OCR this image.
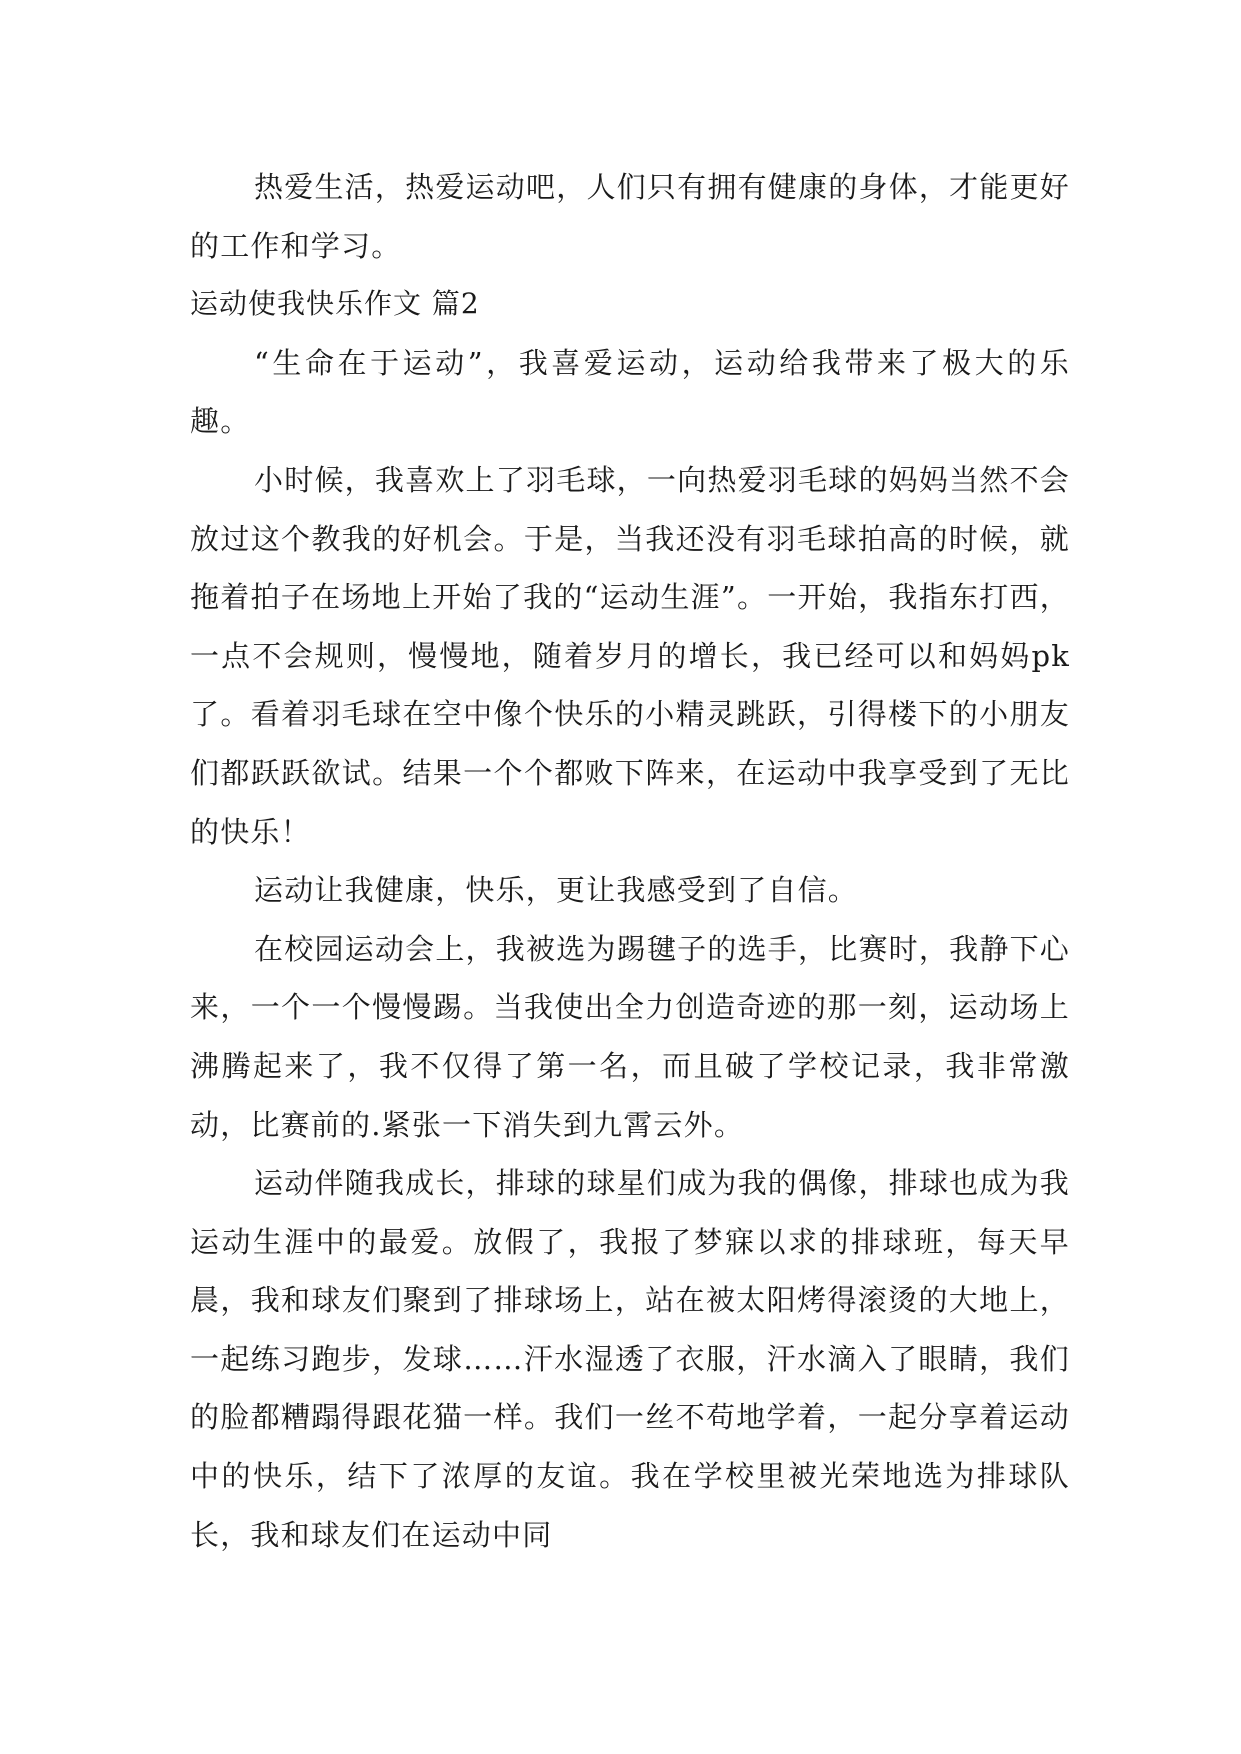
热爱生活，热爱运动吧，人们只有拥有健康的身体，才能更好的工作和学习。

运动使我快乐作文 篇2

“生命在于运动”，我喜爱运动，运动给我带来了极大的乐趣。

小时候，我喜欢上了羽毛球，一向热爱羽毛球的妈妈当然不会放过这个教我的好机会。于是，当我还没有羽毛球拍高的时候，就拖着拍子在场地上开始了我的“运动生涯”。一开始，我指东打西，一点不会规则，慢慢地，随着岁月的增长，我已经可以和妈妈pk了。看着羽毛球在空中像个快乐的小精灵跳跃，引得楼下的小朋友们都跃跃欲试。结果一个个都败下阵来，在运动中我享受到了无比的快乐！

运动让我健康，快乐，更让我感受到了自信。

在校园运动会上，我被选为踢毽子的选手，比赛时，我静下心来，一个一个慢慢踢。当我使出全力创造奇迹的那一刻，运动场上沸腾起来了，我不仅得了第一名，而且破了学校记录，我非常激动，比赛前的.紧张一下消失到九霄云外。

运动伴随我成长，排球的球星们成为我的偶像，排球也成为我运动生涯中的最爱。放假了，我报了梦寐以求的排球班，每天早晨，我和球友们聚到了排球场上，站在被太阳烤得滚烫的大地上，一起练习跑步，发球……汗水湿透了衣服，汗水滴入了眼睛，我们的脸都糟蹋得跟花猫一样。我们一丝不苟地学着，一起分享着运动中的快乐，结下了浓厚的友谊。我在学校里被光荣地选为排球队长，我和球友们在运动中同
